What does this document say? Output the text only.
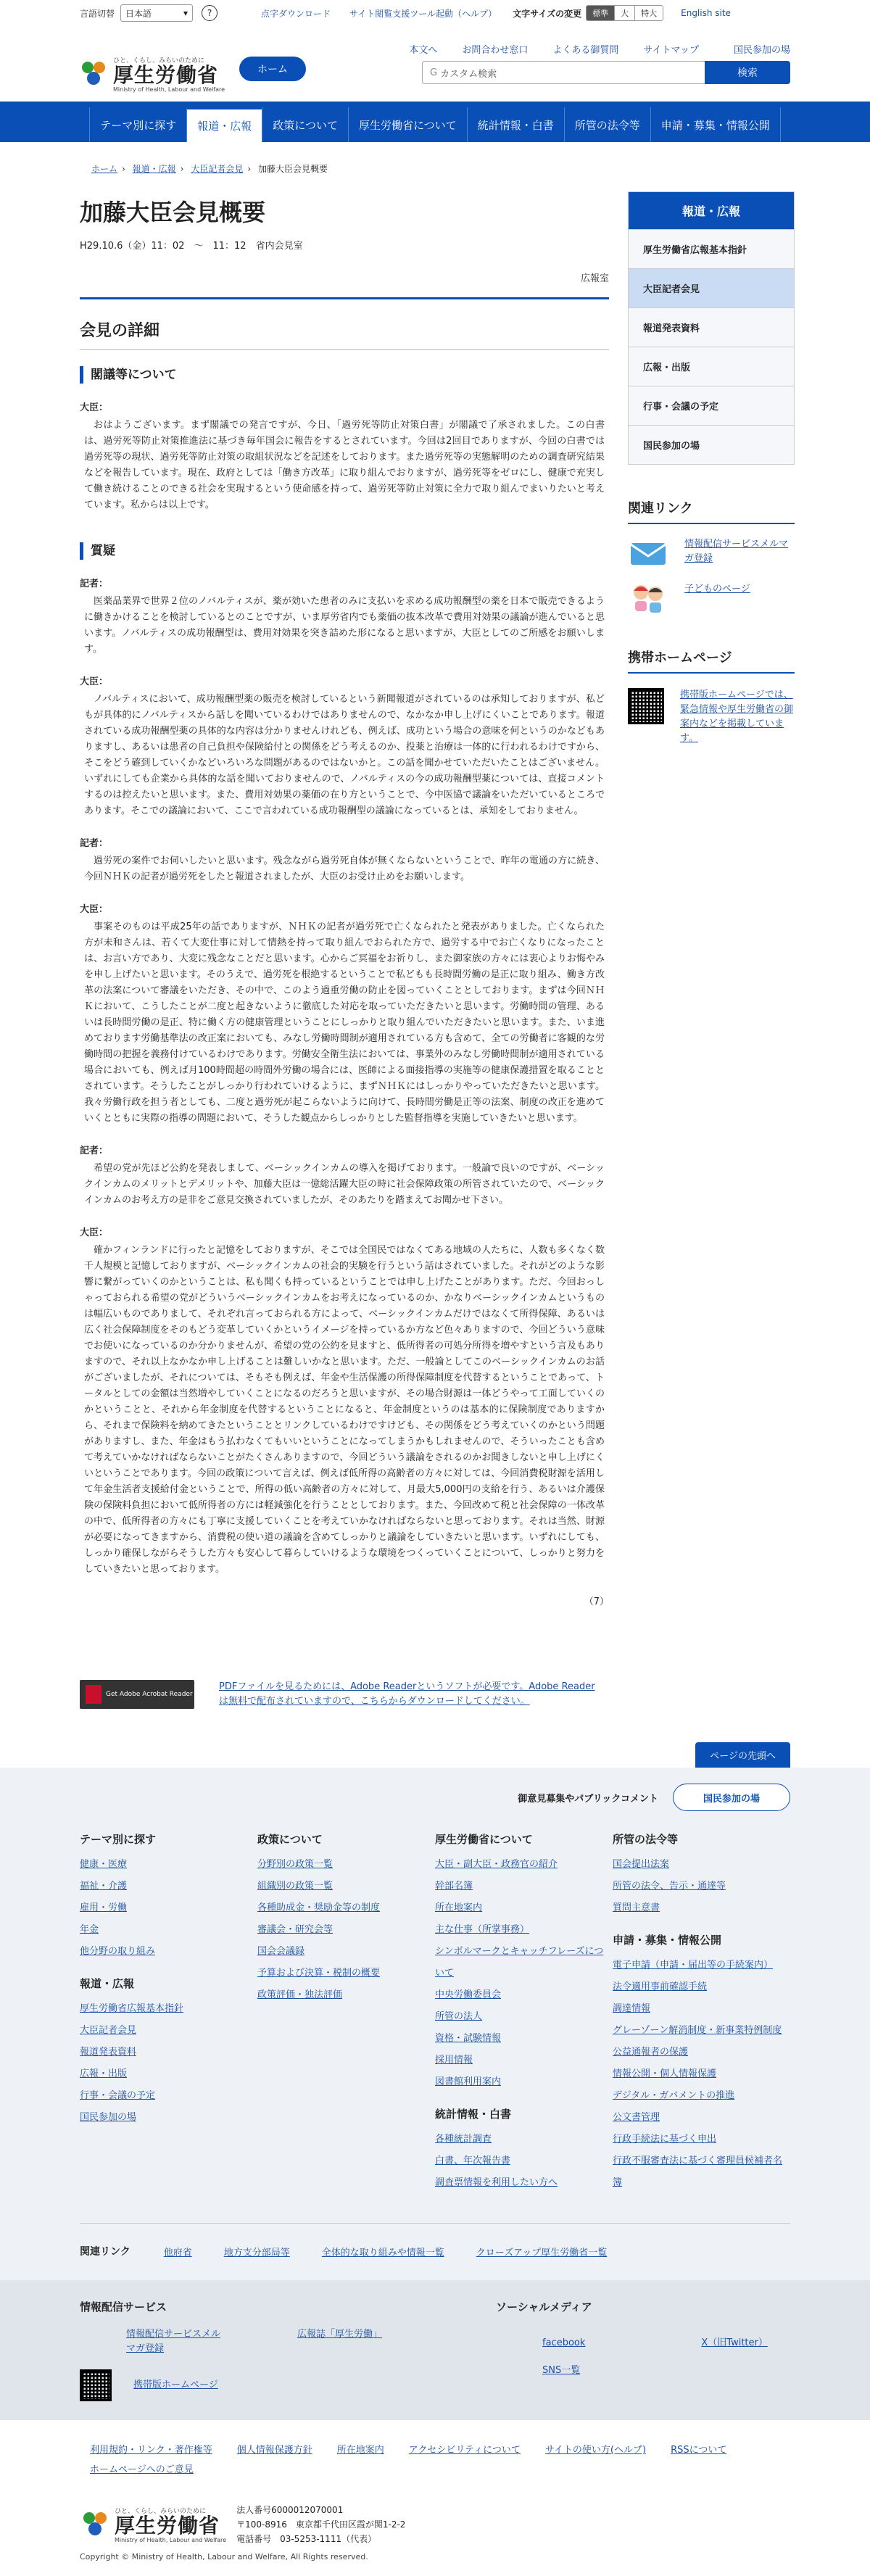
言語切替 日本語	▾	?	点字ダウンロード サイト閲覧支援ツール起動（ヘルプ） 文字サイズの変更	標準	大	特大	English site
ひと、くらし、みらいのために
厚生労働省
Ministry of Health, Labour and Welfare
ホーム
本文へ	お問合わせ窓口	よくある御質問	サイトマップ	国民参加の場
G カスタム検索	検索
テーマ別に探す	報道・広報	政策について	厚生労働省について	統計情報・白書	所管の法令等	申請・募集・情報公開
ホーム › 報道・広報 › 大臣記者会見 › 加藤大臣会見概要
加藤大臣会見概要
H29.10.6（金）11：02　～　11：12　省内会見室
広報室
会見の詳細
閣議等について
大臣：

おはようございます。まず閣議での発言ですが、今日、「過労死等防止対策白書」が閣議で了承されました。この白書は、過労死等防止対策推進法に基づき毎年国会に報告をするとされています。今回は2回目でありますが、今回の白書では過労死等の現状、過労死等防止対策の取組状況などを記述をしております。また過労死等の実態解明のための調査研究結果などを報告しています。現在、政府としては「働き方改革」に取り組んでおりますが、過労死等をゼロにし、健康で充実して働き続けることのできる社会を実現するという使命感を持って、過労死等防止対策に全力で取り組んでまいりたいと考えています。私からは以上です。

質疑
記者：

医薬品業界で世界２位のノバルティスが、薬が効いた患者のみに支払いを求める成功報酬型の薬を日本で販売できるように働きかけることを検討しているとのことですが、いま厚労省内でも薬価の抜本改革で費用対効果の議論が進んでいると思います。ノバルティスの成功報酬型は、費用対効果を突き詰めた形になると思いますが、大臣としてのご所感をお願いします。

大臣：

ノバルティスにおいて、成功報酬型薬の販売を検討しているという新聞報道がされているのは承知しておりますが、私どもが具体的にノバルティスから話しを聞いているわけではありませんので、なかなか申し上げにくいことであります。報道されている成功報酬型薬の具体的な内容は分かりませんけれども、例えば、成功という場合の意味を何というのかなどもありますし、あるいは患者の自己負担や保険給付との関係をどう考えるのか、投薬と治療は一体的に行われるわけですから、そこをどう確到していくかなどいろいろな問題があるのではないかと。この話を聞かせていただいたことはございません。いずれにしても企業から具体的な話を聞いておりませんので、ノバルティスの今の成功報酬型薬については、直接コメントするのは控えたいと思います。また、費用対効果の薬価の在り方ということで、今中医協で議論をいただいているところであります。そこでの議論において、ここで言われている成功報酬型の議論になっているとは、承知をしておりません。

記者：

過労死の案件でお伺いしたいと思います。残念ながら過労死自体が無くならないということで、昨年の電通の方に続き、今回ＮＨＫの記者が過労死をしたと報道されましたが、大臣のお受け止めをお願いします。

大臣：

事案そのものは平成25年の話でありますが、ＮＨＫの記者が過労死で亡くなられたと発表がありました。亡くなられた方が未和さんは、若くて大変仕事に対して情熱を持って取り組んでおられた方で、過労する中でお亡くなりになったことは、お言い方であり、大変に残念なことだと思います。心からご冥福をお祈りし、また御家族の方々には衷心よりお悔やみを申し上げたいと思います。そのうえで、過労死を根絶するということで私どもも長時間労働の是正に取り組み、働き方改革の法案について審議をいただき、その中で、このよう過重労働の防止を図っていくこととしております。まずは今回ＮＨＫにおいて、こうしたことが二度と起きないように徹底した対応を取っていただきたいと思います。労働時間の管理、あるいは長時間労働の是正、特に働く方の健康管理ということにしっかりと取り組んでいただきたいと思います。また、いま進めております労働基準法の改正案においても、みなし労働時間制が適用されている方も含めて、全ての労働者に客観的な労働時間の把握を義務付けているわけであります。労働安全衛生法においては、事業外のみなし労働時間制が適用されている場合においても、例えば月100時間超の時間外労働の場合には、医師による面接指導の実施等の健康保護措置を取ることとされています。そうしたことがしっかり行われていけるように、まずＮＨＫにはしっかりやっていただきたいと思います。我々労働行政を担う者としても、二度と過労死が起こらないように向けて、長時間労働是正等の法案、制度の改正を進めていくとともに実際の指導の問題において、そうした観点からしっかりとした監督指導を実施していきたいと思います。

記者：

希望の党が先ほど公約を発表しまして、ベーシックインカムの導入を掲げております。一般論で良いのですが、ベーシックインカムのメリットとデメリットや、加藤大臣は一億総活躍大臣の時に社会保障政策の所管されていたので、ベーシックインカムのお考え方の是非をご意見交換されていましたが、そのあたりを踏まえてお聞かせ下さい。

大臣：

確かフィンランドに行ったと記憶をしておりますが、そこでは全国民ではなくてある地域の人たちに、人数も多くなく数千人規模と記憶しておりますが、ベーシックインカムの社会的実験を行うという話はされていました。それがどのような影響に繋がっていくのかということは、私も聞くも持っているということでは申し上げたことがあります。ただ、今回おっしゃっておられる希望の党がどういうベーシックインカムをお考えになっているのか、かなりベーシックインカムというものは幅広いものでありまして、それぞれ言っておられる方によって、ベーシックインカムだけではなくて所得保障、あるいは広く社会保障制度をそのもどう変革していくかというイメージを持っているか方など色々ありますので、今回どういう意味でお使いになっているのか分かりませんが、希望の党の公約を見ますと、低所得者の可処分所得を増やすという言及もありますので、それ以上なかなか申し上げることは難しいかなと思います。ただ、一般論としてこのベーシックインカムのお話がございましたが、それについては、そもそも例えば、年金や生活保護の所得保障制度を代替するということであって、トータルとしての金額は当然増やしていくことになるのだろうと思いますが、その場合財源は一体どうやって工面していくのかということと、それから年金制度を代替するということになると、年金制度というのは基本的に保険制度でありますから、それまで保険料を納めてきたということとリンクしているわけですけども、その関係をどう考えていくのかという問題がありますし、また、年金はもう払わなくてもいいということになってしまうかもしれませんので、そういったことも含めて考えていかなければならないことがたくさんありますので、今回どういう議論をされるのかお聞きしないと申し上げにくいということであります。今回の政策について言えば、例えば低所得の高齢者の方々に対しては、今回消費税財源を活用して年金生活者支援給付金ということで、所得の低い高齢者の方々に対して、月最大5,000円の支給を行う、あるいは介護保険の保険料負担において低所得者の方には軽減強化を行うこととしております。また、今回改めて税と社会保障の一体改革の中で、低所得者の方々にも丁寧に支援していくことを考えていかなければならないと思っております。それは当然、財源が必要になってきますから、消費税の使い道の議論を含めてしっかりと議論をしていきたいと思います。いずれにしても、しっかり確保しながらそうした方々も安心して暮らしていけるような環境をつくっていくことについて、しっかりと努力をしていきたいと思っております。

（7）
Get Adobe Acrobat Reader
PDFファイルを見るためには、Adobe Readerというソフトが必要です。Adobe Readerは無料で配布されていますので、こちらからダウンロードしてください。
報道・広報
厚生労働省広報基本指針
大臣記者会見
報道発表資料
広報・出版
行事・会議の予定
国民参加の場
関連リンク
情報配信サービスメルマガ登録
子どものページ
携帯ホームページ
携帯版ホームページでは、緊急情報や厚生労働省の御案内などを掲載しています。
ページの先頭へ
御意見募集やパブリックコメント	国民参加の場
テーマ別に探す
健康・医療
福祉・介護
雇用・労働
年金
他分野の取り組み
報道・広報
厚生労働省広報基本指針
大臣記者会見
報道発表資料
広報・出版
行事・会議の予定
国民参加の場
政策について
分野別の政策一覧
組織別の政策一覧
各種助成金・奨励金等の制度
審議会・研究会等
国会会議録
予算および決算・税制の概要
政策評価・独法評価
厚生労働省について
大臣・副大臣・政務官の紹介
幹部名簿
所在地案内
主な仕事（所掌事務）
シンボルマークとキャッチフレーズについて
中央労働委員会
所管の法人
資格・試験情報
採用情報
図書館利用案内
統計情報・白書
各種統計調査
白書、年次報告書
調査票情報を利用したい方へ
所管の法令等
国会提出法案
所管の法令、告示・通達等
質問主意書
申請・募集・情報公開
電子申請（申請・届出等の手続案内）
法令適用事前確認手続
調達情報
グレーゾーン解消制度・新事業特例制度
公益通報者の保護
情報公開・個人情報保護
デジタル・ガバメントの推進
公文書管理
行政手続法に基づく申出
行政不服審査法に基づく審理員候補者名簿
関連リンク	他府省	地方支分部局等	全体的な取り組みや情報一覧	クローズアップ厚生労働省一覧
情報配信サービス
情報配信サービスメルマガ登録
広報誌「厚生労働」
携帯版ホームページ
ソーシャルメディア
facebook	X（旧Twitter）
SNS一覧
利用規約・リンク・著作権等	個人情報保護方針	所在地案内	アクセシビリティについて	サイトの使い方(ヘルプ)	RSSについて
ホームページへのご意見
ひと、くらし、みらいのために
厚生労働省
Ministry of Health, Labour and Welfare
法人番号6000012070001
〒100-8916　東京都千代田区霞が関1-2-2
電話番号　03-5253-1111（代表）
Copyright © Ministry of Health, Labour and Welfare, All Rights reserved.
